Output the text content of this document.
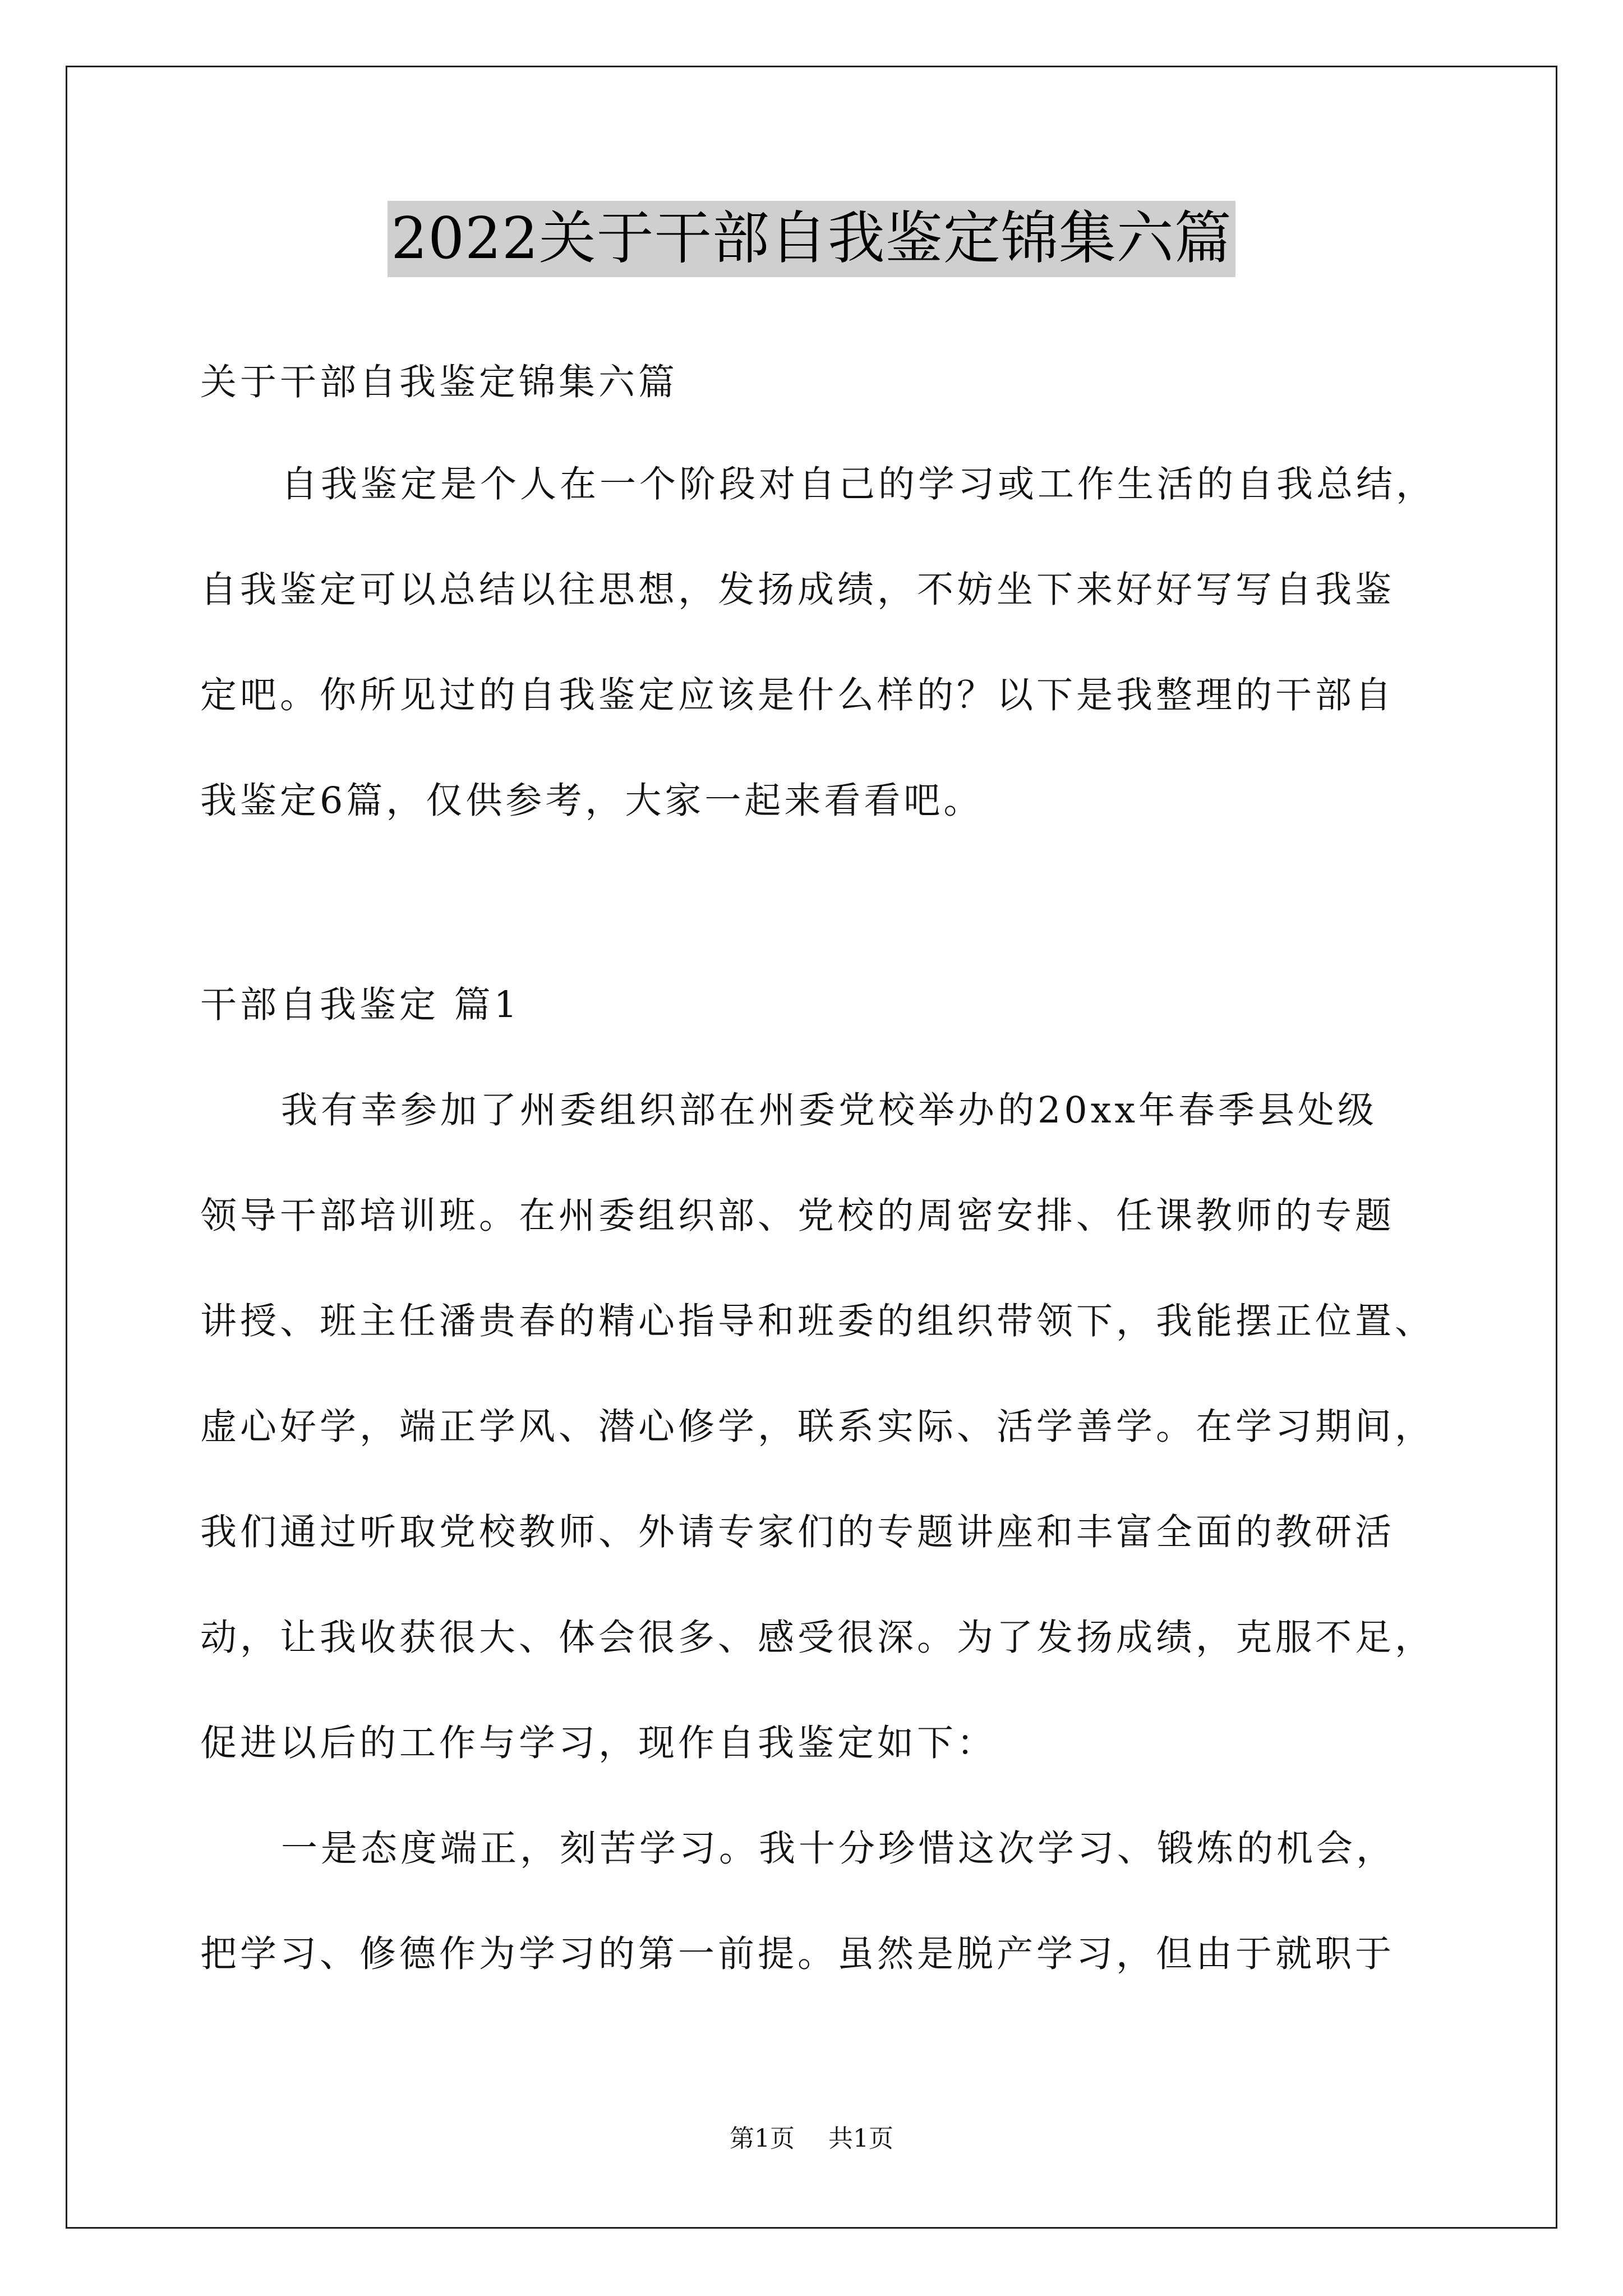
2022关于干部自我鉴定锦集六篇
关于干部自我鉴定锦集六篇
自我鉴定是个人在一个阶段对自己的学习或工作生活的自我总结，
自我鉴定可以总结以往思想，发扬成绩，不妨坐下来好好写写自我鉴
定吧。你所见过的自我鉴定应该是什么样的？以下是我整理的干部自
我鉴定6篇，仅供参考，大家一起来看看吧。
干部自我鉴定 篇1
我有幸参加了州委组织部在州委党校举办的20xx年春季县处级
领导干部培训班。在州委组织部、党校的周密安排、任课教师的专题
讲授、班主任潘贵春的精心指导和班委的组织带领下，我能摆正位置、
虚心好学，端正学风、潜心修学，联系实际、活学善学。在学习期间，
我们通过听取党校教师、外请专家们的专题讲座和丰富全面的教研活
动，让我收获很大、体会很多、感受很深。为了发扬成绩，克服不足，
促进以后的工作与学习，现作自我鉴定如下：
一是态度端正，刻苦学习。我十分珍惜这次学习、锻炼的机会，
把学习、修德作为学习的第一前提。虽然是脱产学习，但由于就职于
第1页 共1页
